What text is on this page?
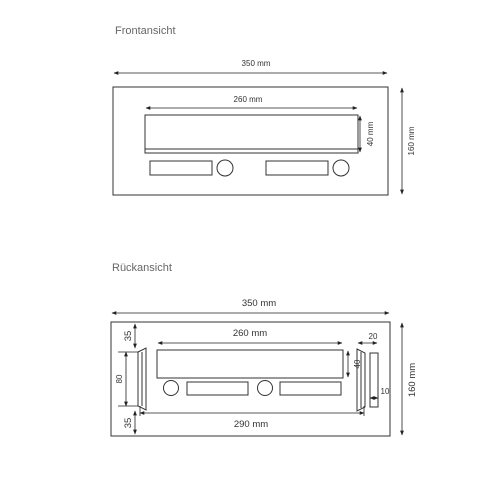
Frontansicht
Rückansicht
350 mm
260 mm
40 mm	160 mm
350 mm
260 mm
290 mm
160 mm
35
80
35
40
20
10
